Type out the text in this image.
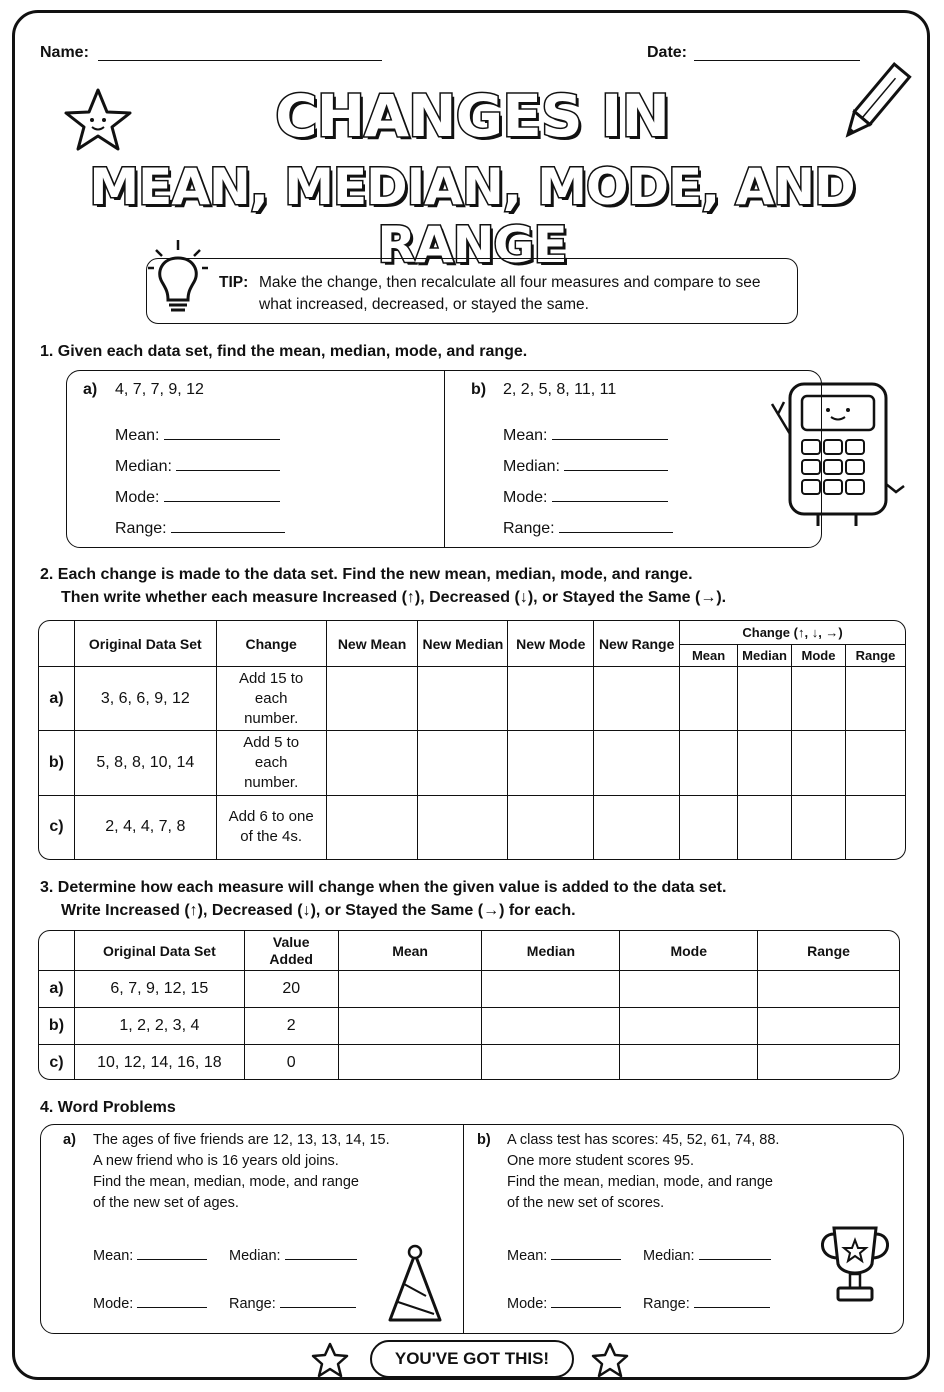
Name:	Date:
CHANGES IN
MEAN, MEDIAN, MODE, AND RANGE
TIP: Make the change, then recalculate all four measures and compare to see what increased, decreased, or stayed the same.
1. Given each data set, find the mean, median, mode, and range.
a) 4, 7, 7, 9, 12	b) 2, 2, 5, 8, 11, 11
Mean:
Median:
Mode:
Range:
Mean:
Median:
Mode:
Range:
2. Each change is made to the data set. Find the new mean, median, mode, and range.
Then write whether each measure Increased (↑), Decreased (↓), or Stayed the Same (→).
	Original Data Set	Change	New Mean	New Median	New Mode	New Range	Change (↑, ↓, →)			
							Mean	Median	Mode	Range
a)	3, 6, 6, 9, 12	Add 15 to each number.								
b)	5, 8, 8, 10, 14	Add 5 to each number.								
c)	2, 4, 4, 7, 8	Add 6 to one of the 4s.								
3. Determine how each measure will change when the given value is added to the data set.
Write Increased (↑), Decreased (↓), or Stayed the Same (→) for each.
	Original Data Set	Value Added	Mean	Median	Mode	Range
a)	6, 7, 9, 12, 15	20				
b)	1, 2, 2, 3, 4	2				
c)	10, 12, 14, 16, 18	0				
4. Word Problems
a) The ages of five friends are 12, 13, 13, 14, 15.
A new friend who is 16 years old joins.
Find the mean, median, mode, and range
of the new set of ages.
b) A class test has scores: 45, 52, 61, 74, 88.
One more student scores 95.
Find the mean, median, mode, and range
of the new set of scores.
Mean:	Median:
Mode:	Range:
Mean:	Median:
Mode:	Range:
YOU'VE GOT THIS!
